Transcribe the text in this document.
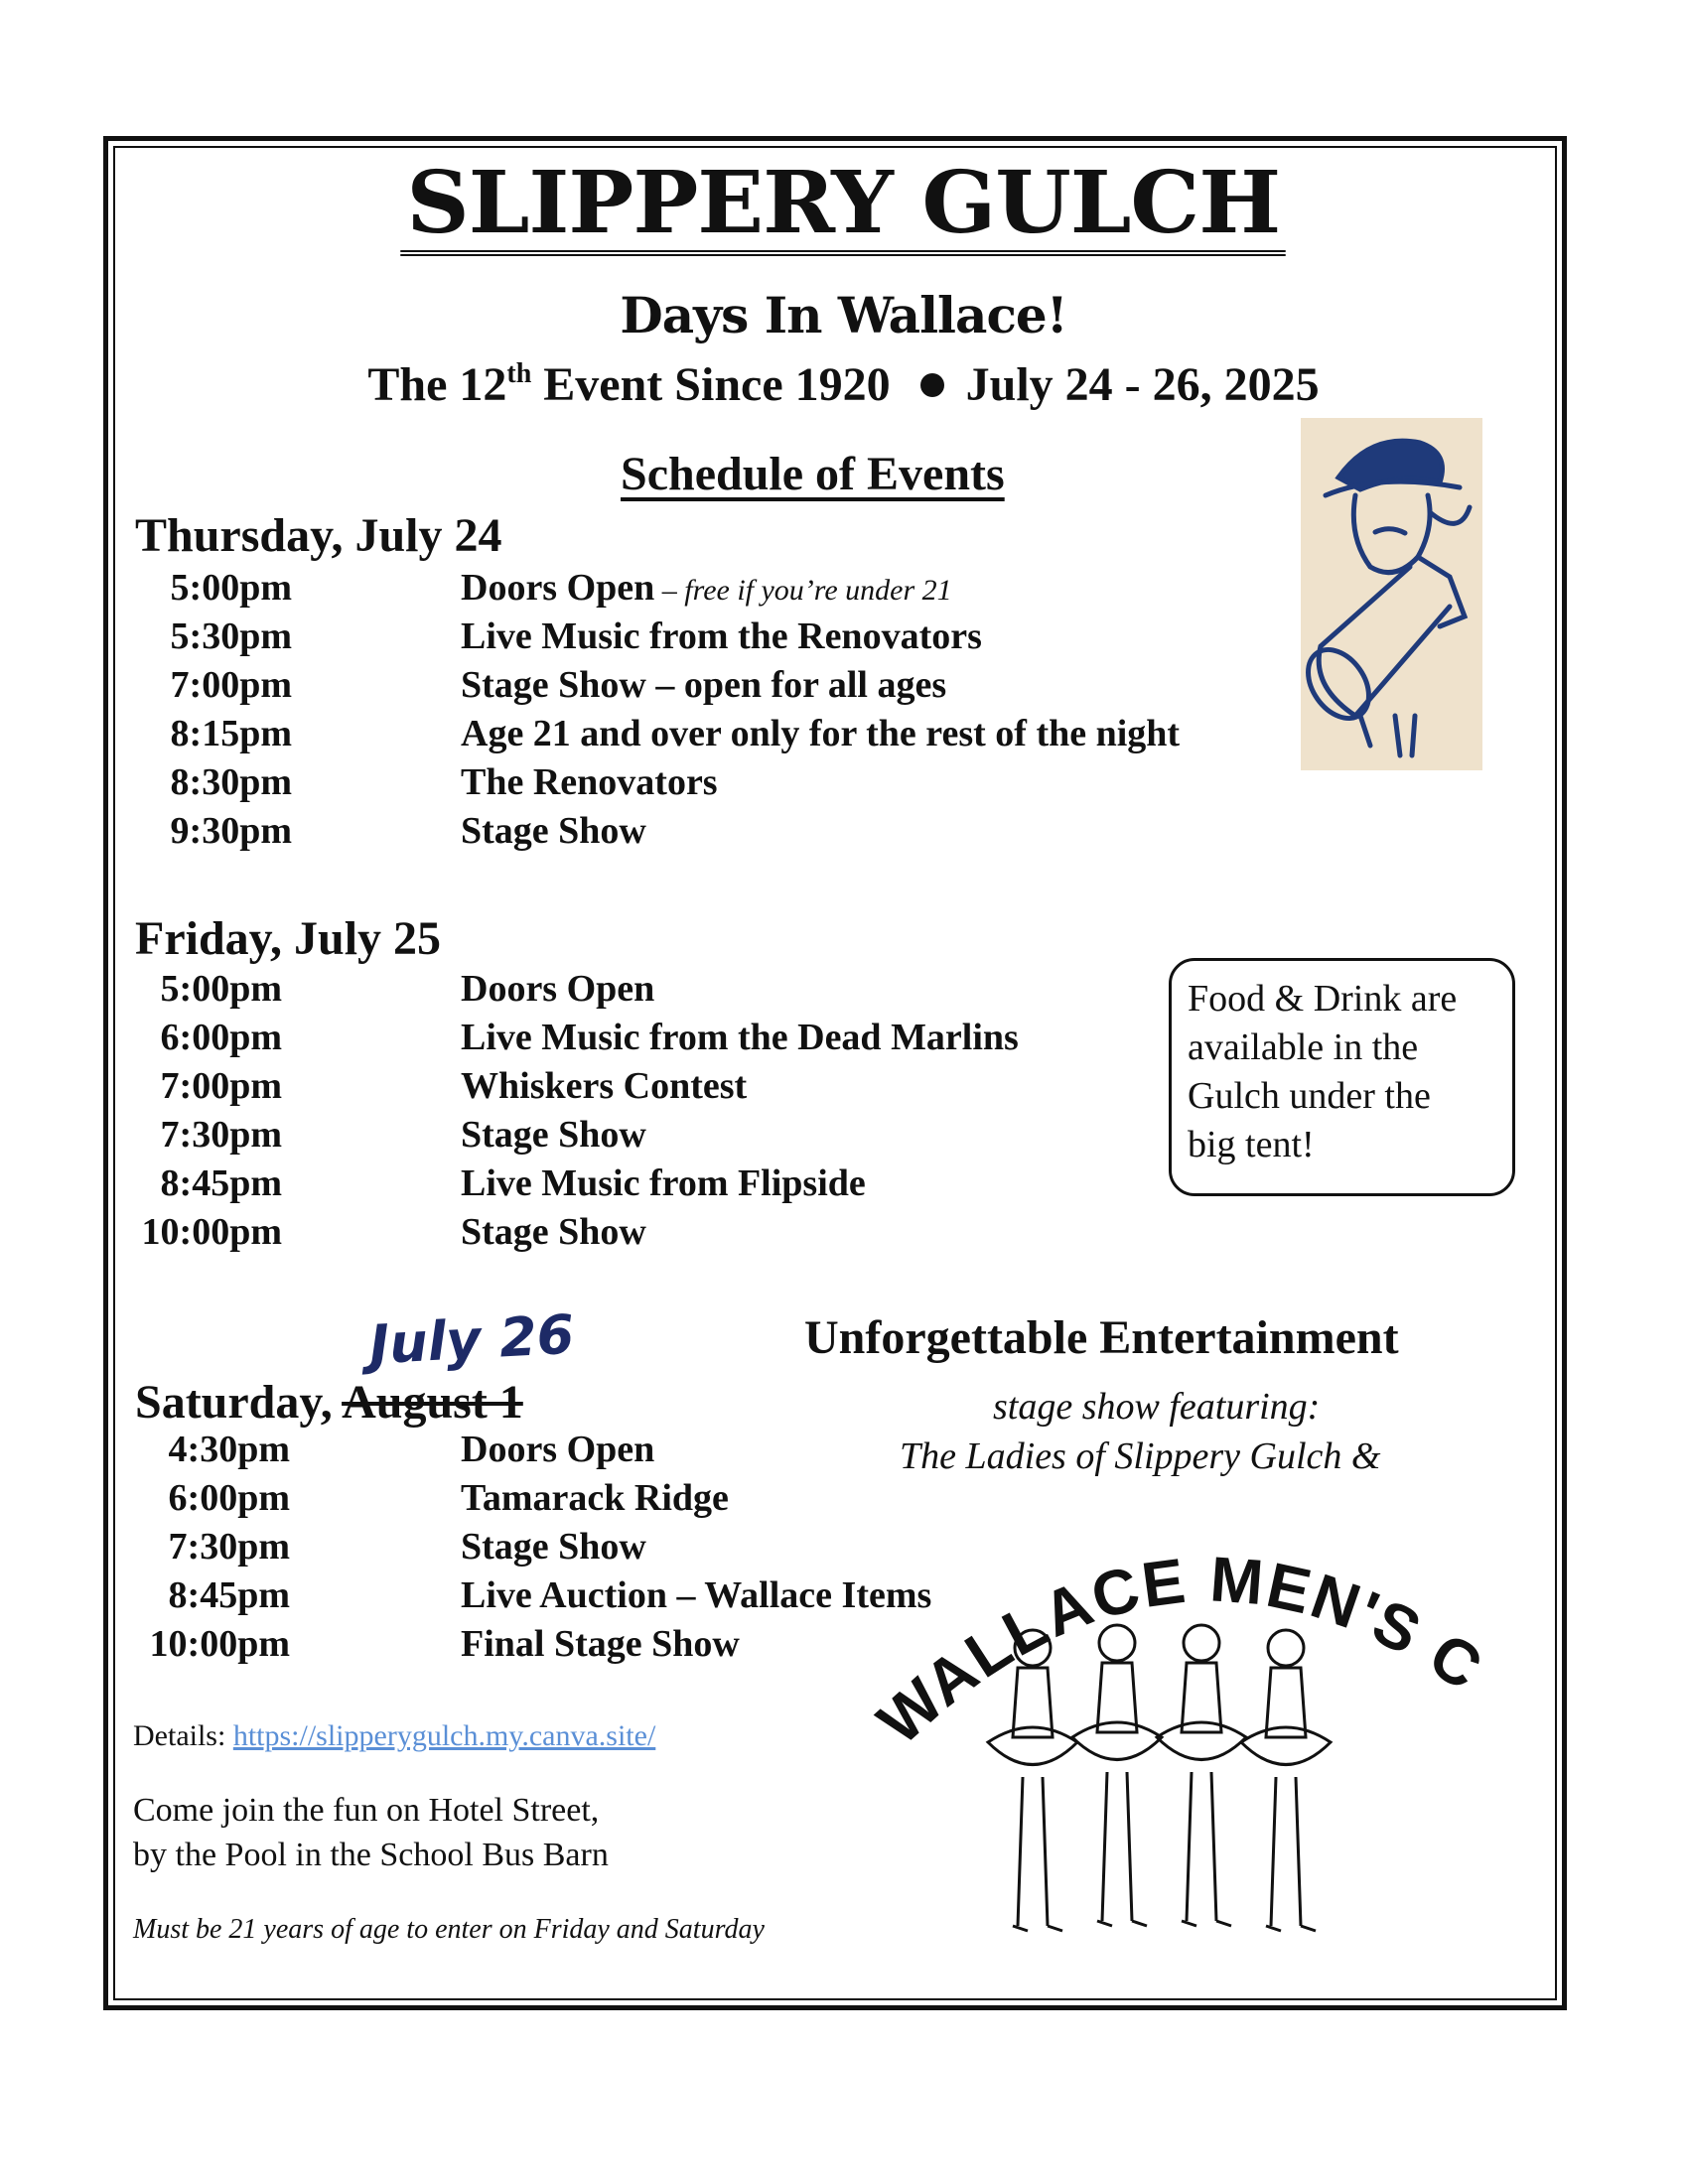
SLIPPERY GULCH
Days In Wallace!
The 12th Event Since 1920 July 24 - 26, 2025
Schedule of Events
Thursday, July 24
5:00pm	Doors Open – free if you’re under 21
5:30pm	Live Music from the Renovators
7:00pm	Stage Show – open for all ages
8:15pm	Age 21 and over only for the rest of the night
8:30pm	The Renovators
9:30pm	Stage Show
Friday, July 25
5:00pm	Doors Open
6:00pm	Live Music from the Dead Marlins
7:00pm	Whiskers Contest
7:30pm	Stage Show
8:45pm	Live Music from Flipside
10:00pm	Stage Show
Food & Drink are
available in the
Gulch under the
big tent!
July 26
Saturday, August 1
4:30pm	Doors Open
6:00pm	Tamarack Ridge
7:30pm	Stage Show
8:45pm	Live Auction – Wallace Items
10:00pm	Final Stage Show
Unforgettable Entertainment
stage show featuring:
The Ladies of Slippery Gulch &
WALLACE MEN'S C
Details: https://slipperygulch.my.canva.site/
Come join the fun on Hotel Street,
by the Pool in the School Bus Barn
Must be 21 years of age to enter on Friday and Saturday
